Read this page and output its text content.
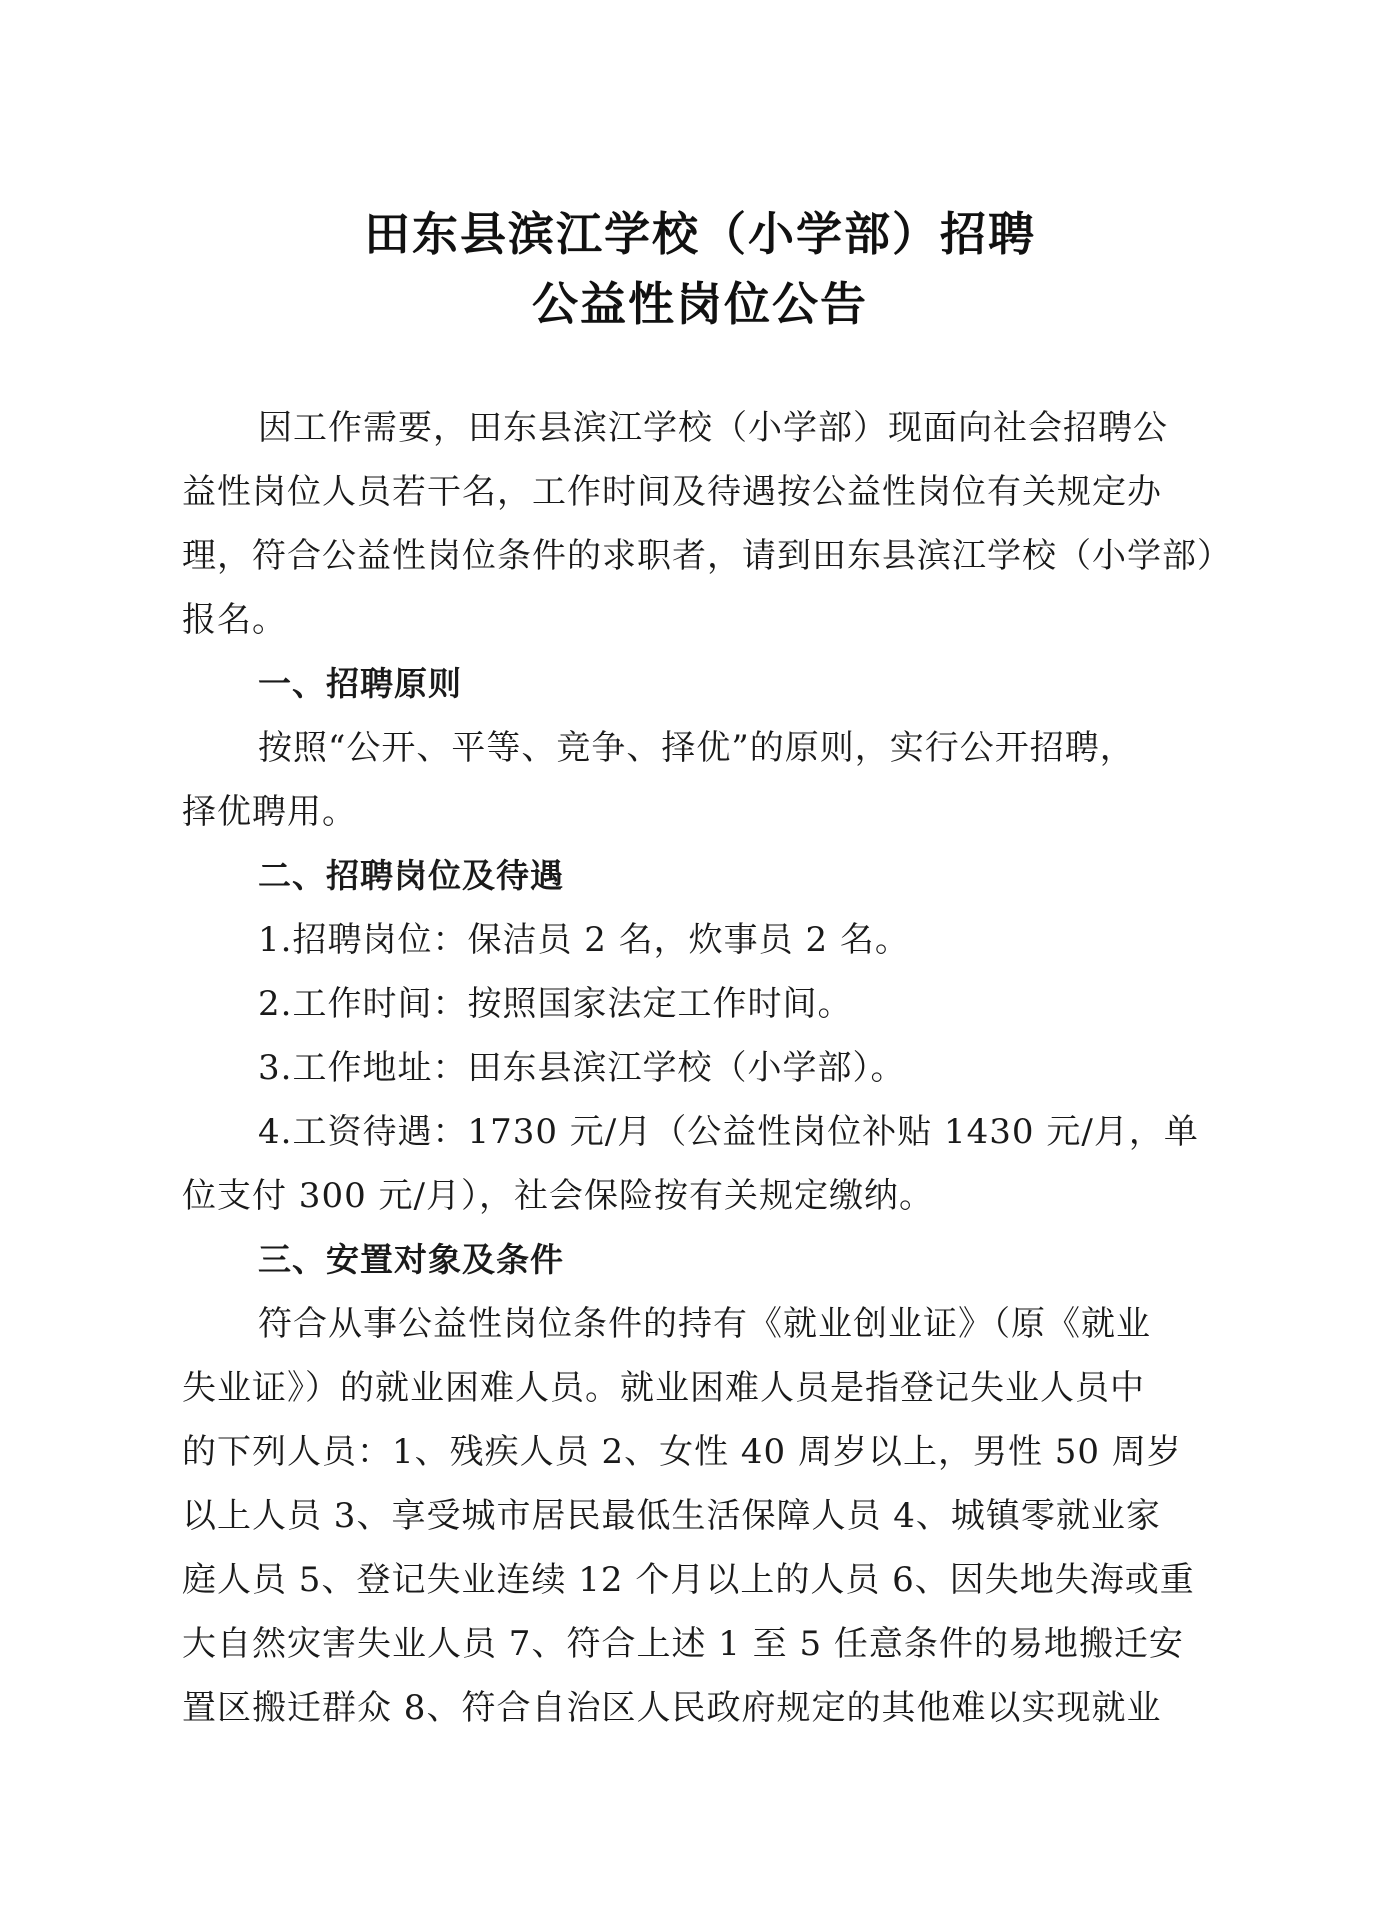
田东县滨江学校（小学部）招聘
公益性岗位公告
因工作需要，田东县滨江学校（小学部）现面向社会招聘公
益性岗位人员若干名，工作时间及待遇按公益性岗位有关规定办
理，符合公益性岗位条件的求职者，请到田东县滨江学校（小学部）
报名。
一、招聘原则
按照“公开、平等、竞争、择优”的原则，实行公开招聘，
择优聘用。
二、招聘岗位及待遇
1.招聘岗位：保洁员 2 名，炊事员 2 名。
2.工作时间：按照国家法定工作时间。
3.工作地址：田东县滨江学校（小学部）。
4.工资待遇：1730 元/月（公益性岗位补贴 1430 元/月，单
位支付 300 元/月），社会保险按有关规定缴纳。
三、安置对象及条件
符合从事公益性岗位条件的持有《就业创业证》（原《就业
失业证》）的就业困难人员。就业困难人员是指登记失业人员中
的下列人员：1、残疾人员 2、女性 40 周岁以上，男性 50 周岁
以上人员 3、享受城市居民最低生活保障人员 4、城镇零就业家
庭人员 5、登记失业连续 12 个月以上的人员 6、因失地失海或重
大自然灾害失业人员 7、符合上述 1 至 5 任意条件的易地搬迁安
置区搬迁群众 8、符合自治区人民政府规定的其他难以实现就业
